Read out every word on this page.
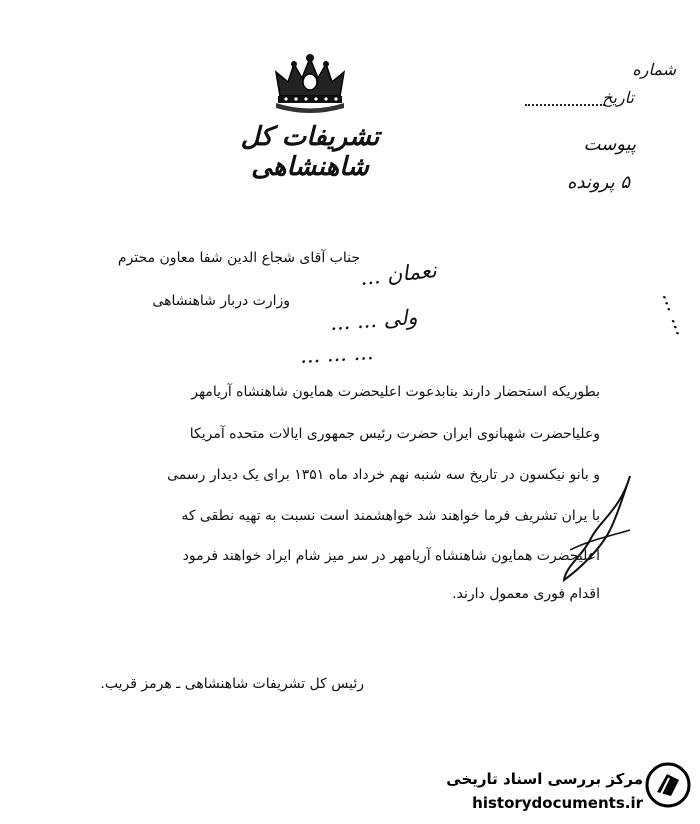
تشریفات کل شاهنشاهی
شماره
تاریخ
پیوست
۵ پرونده
جناب آقای شجاع الدین شفا معاون محترم
وزارت دربار شاهنشاهی
نعمان ...
ولی ... ...
... ... ...
... ...
بطوریکه استحضار دارند بنابدعوت اعلیحضرت همایون شاهنشاه آریامهر
وعلیاحضرت شهبانوی ایران حضرت رئیس جمهوری ایالات متحده آمریکا
و بانو نیکسون در تاریخ سه شنبه نهم خرداد ماه ۱۳۵۱ برای یک دیدار رسمی
با یران تشریف فرما خواهند شد خواهشمند است نسبت به تهیه نطقی که
اعلیحضرت همایون شاهنشاه آریامهر در سر میز شام ایراد خواهند فرمود
اقدام فوری معمول دارند.
رئیس کل تشریفات شاهنشاهی ـ هرمز قریب.
مرکز بررسی اسناد تاریخی
historydocuments.ir
